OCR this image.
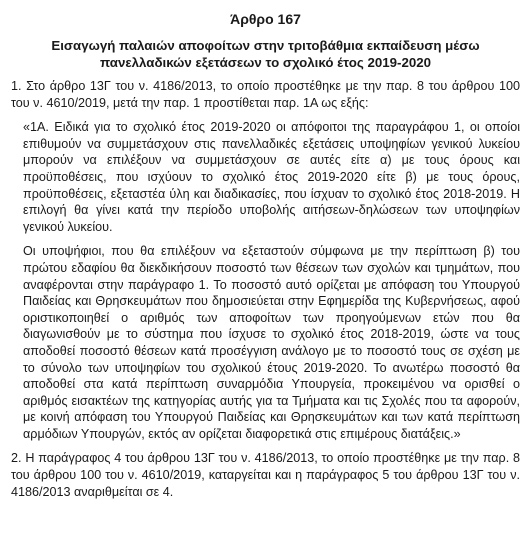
Άρθρο 167
Εισαγωγή παλαιών αποφοίτων στην τριτοβάθμια εκπαίδευση μέσω πανελλαδικών εξετάσεων το σχολικό έτος 2019-2020

1. Στο άρθρο 13Γ του ν. 4186/2013, το οποίο προστέθηκε με την παρ. 8 του άρθρου 100 του ν. 4610/2019, μετά την παρ. 1 προστίθεται παρ. 1Α ως εξής:

«1Α. Ειδικά για το σχολικό έτος 2019-2020 οι απόφοιτοι της παραγράφου 1, οι οποίοι επιθυμούν να συμμετάσχουν στις πανελλαδικές εξετάσεις υποψηφίων γενικού λυκείου μπορούν να επιλέξουν να συμμετάσχουν σε αυτές είτε α) με τους όρους και προϋποθέσεις, που ισχύουν το σχολικό έτος 2019-2020 είτε β) με τους όρους, προϋποθέσεις, εξεταστέα ύλη και διαδικασίες, που ίσχυαν το σχολικό έτος 2018-2019. Η επιλογή θα γίνει κατά την περίοδο υποβολής αιτήσεων-δηλώσεων των υποψηφίων γενικού λυκείου.

Οι υποψήφιοι, που θα επιλέξουν να εξεταστούν σύμφωνα με την περίπτωση β) του πρώτου εδαφίου θα διεκδικήσουν ποσοστό των θέσεων των σχολών και τμημάτων, που αναφέρονται στην παράγραφο 1. Το ποσοστό αυτό ορίζεται με απόφαση του Υπουργού Παιδείας και Θρησκευμάτων που δημοσιεύεται στην Εφημερίδα της Κυβερνήσεως, αφού οριστικοποιηθεί ο αριθμός των αποφοίτων των προηγούμενων ετών που θα διαγωνισθούν με το σύστημα που ίσχυσε το σχολικό έτος 2018-2019, ώστε να τους αποδοθεί ποσοστό θέσεων κατά προσέγγιση ανάλογο με το ποσοστό τους σε σχέση με το σύνολο των υποψηφίων του σχολικού έτους 2019-2020. Το ανωτέρω ποσοστό θα αποδοθεί στα κατά περίπτωση συναρμόδια Υπουργεία, προκειμένου να ορισθεί ο αριθμός εισακτέων της κατηγορίας αυτής για τα Τμήματα και τις Σχολές που τα αφορούν, με κοινή απόφαση του Υπουργού Παιδείας και Θρησκευμάτων και των κατά περίπτωση αρμόδιων Υπουργών, εκτός αν ορίζεται διαφορετικά στις επιμέρους διατάξεις.»

2. Η παράγραφος 4 του άρθρου 13Γ του ν. 4186/2013, το οποίο προστέθηκε με την παρ. 8 του άρθρου 100 του ν. 4610/2019, καταργείται και η παράγραφος 5 του άρθρου 13Γ του ν. 4186/2013 αναριθμείται σε 4.
